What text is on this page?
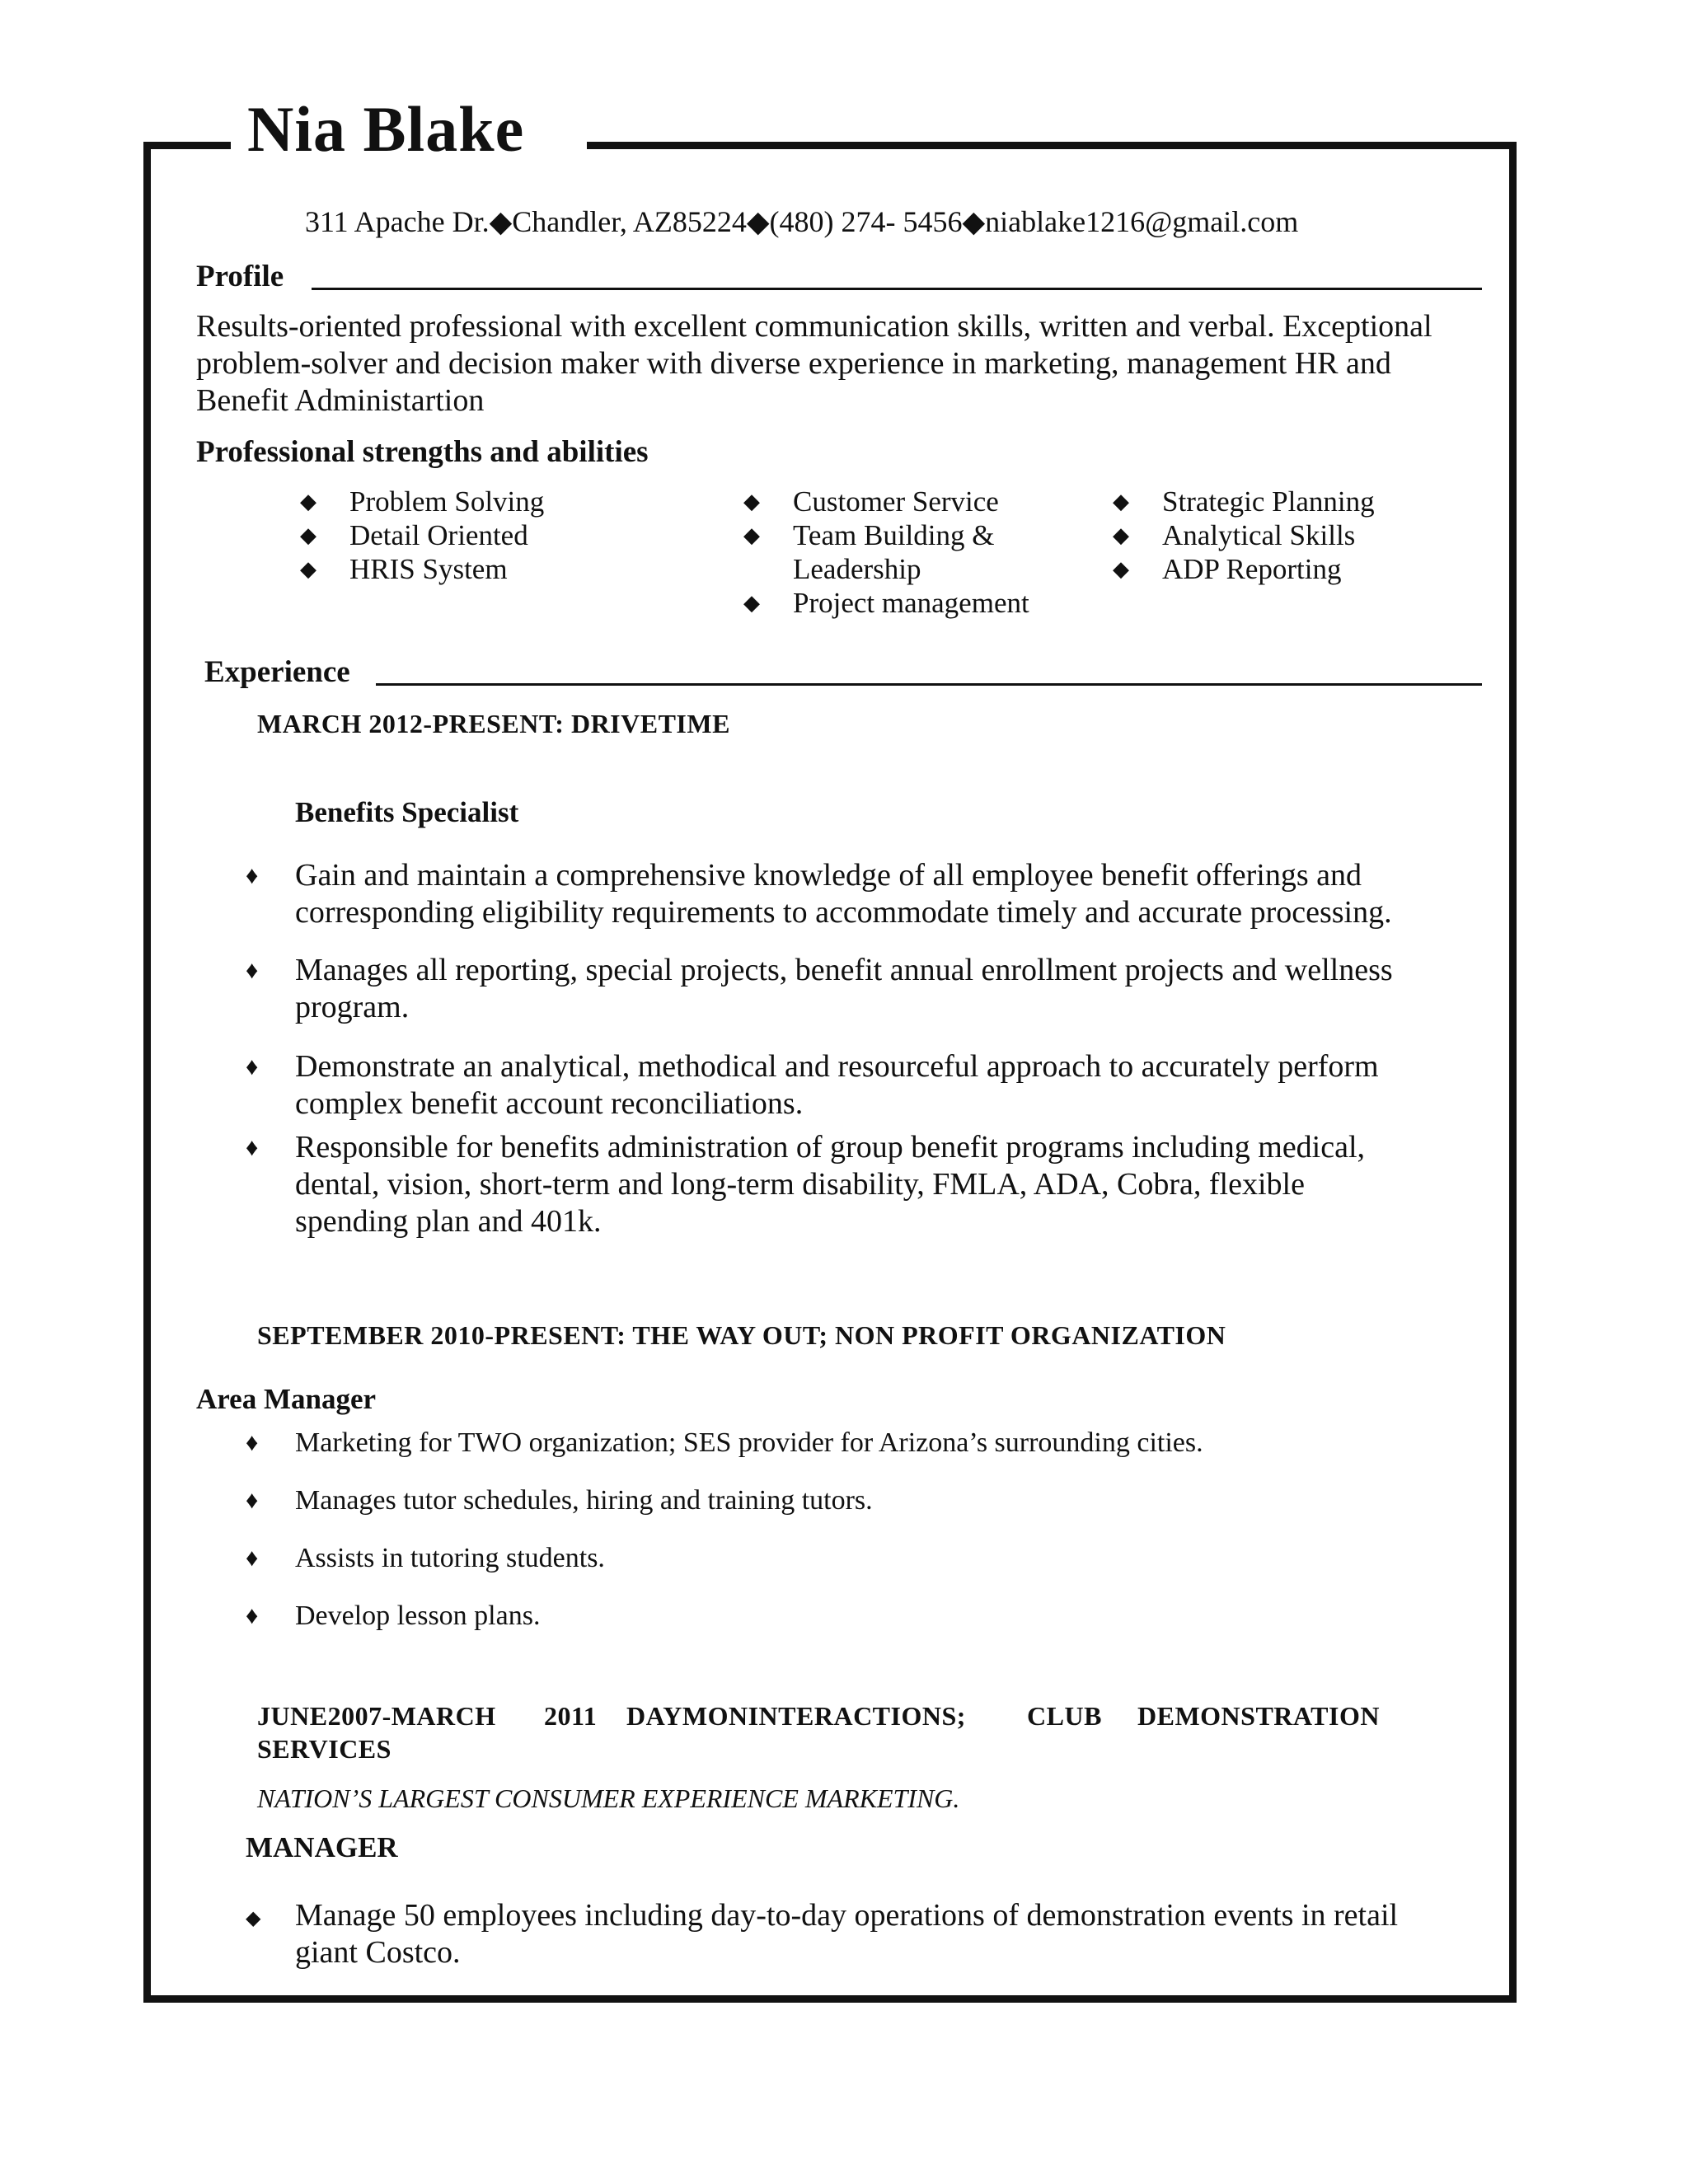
Nia Blake
311 Apache Dr.◆Chandler, AZ85224◆(480) 274- 5456◆niablake1216@gmail.com
Profile
Results-oriented professional with excellent communication skills, written and verbal. Exceptional
problem-solver and decision maker with diverse experience in marketing, management HR and
Benefit Administartion
Professional strengths and abilities
◆ Problem Solving
◆ Detail Oriented
◆ HRIS System
◆ Customer Service
◆ Team Building &
Leadership
◆ Project management
◆ Strategic Planning
◆ Analytical Skills
◆ ADP Reporting
Experience
MARCH 2012-PRESENT: DRIVETIME
Benefits Specialist
♦ Gain and maintain a comprehensive knowledge of all employee benefit offerings and
corresponding eligibility requirements to accommodate timely and accurate processing.
♦ Manages all reporting, special projects, benefit annual enrollment projects and wellness
program.
♦ Demonstrate an analytical, methodical and resourceful approach to accurately perform
complex benefit account reconciliations.
♦ Responsible for benefits administration of group benefit programs including medical,
dental, vision, short-term and long-term disability, FMLA, ADA, Cobra, flexible
spending plan and 401k.
SEPTEMBER 2010-PRESENT: THE WAY OUT; NON PROFIT ORGANIZATION
Area Manager
♦ Marketing for TWO organization; SES provider for Arizona’s surrounding cities.
♦ Manages tutor schedules, hiring and training tutors.
♦ Assists in tutoring students.
♦ Develop lesson plans.
JUNE2007-MARCH 2011 DAYMONINTERACTIONS; CLUB DEMONSTRATION
SERVICES
NATION’S LARGEST CONSUMER EXPERIENCE MARKETING.
MANAGER
◆ Manage 50 employees including day-to-day operations of demonstration events in retail
giant Costco.
